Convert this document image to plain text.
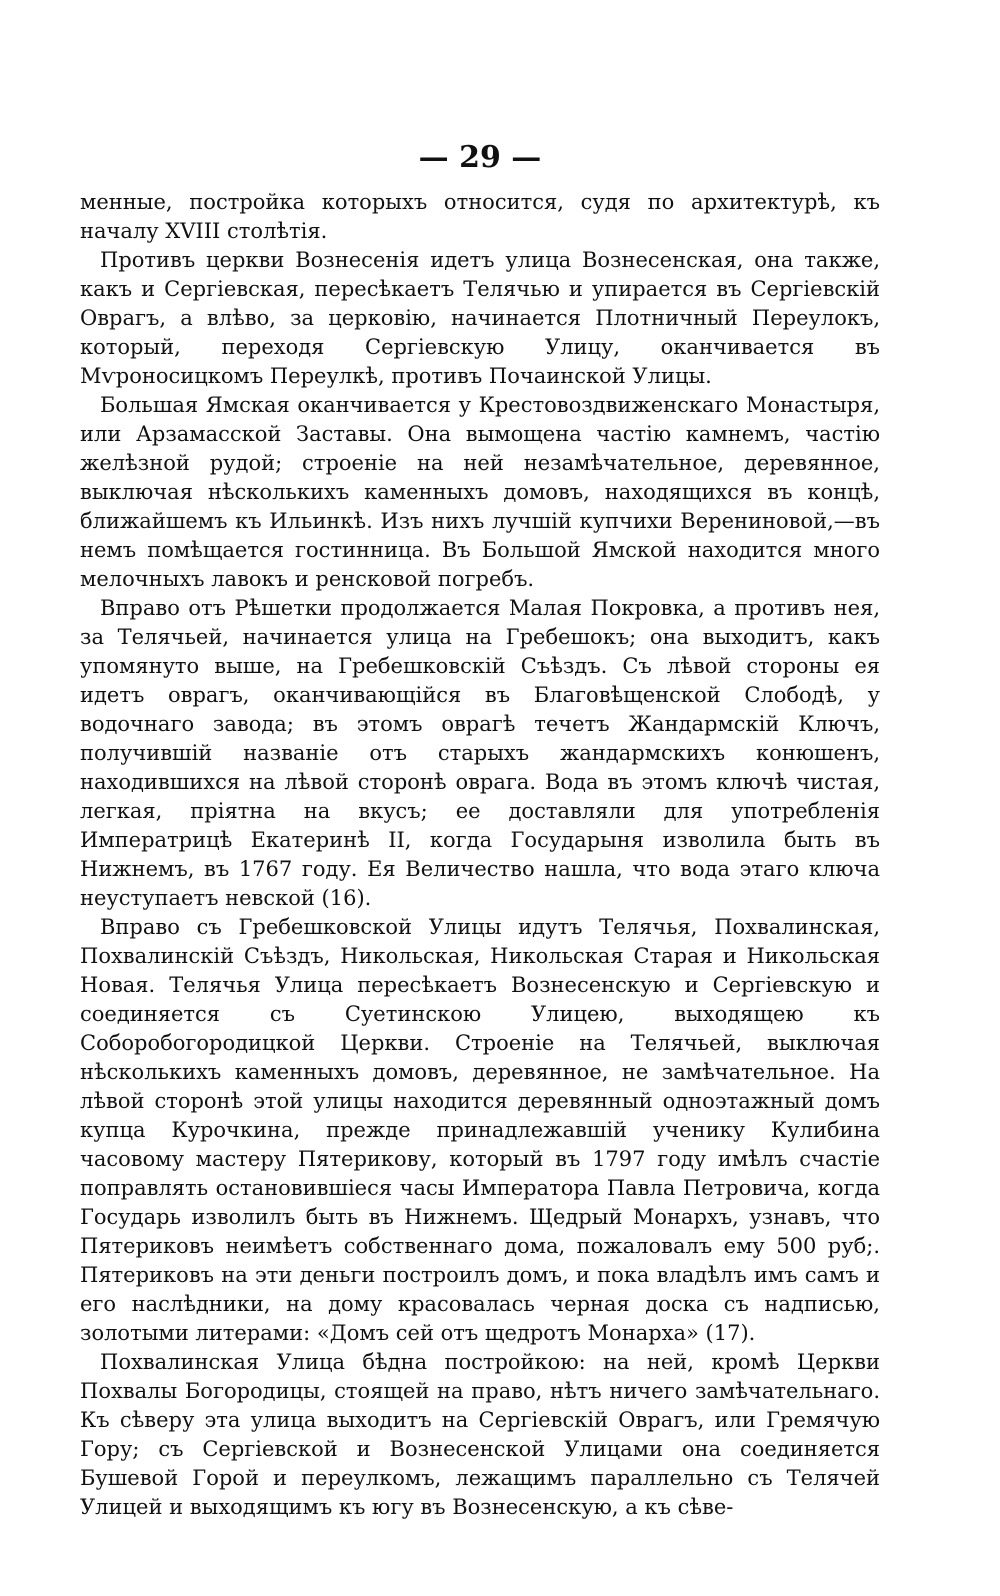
— 29 —

менные, постройка которыхъ относится, судя по архитектурѣ, къ началу XVIII столѣтія.

Противъ церкви Вознесенія идетъ улица Вознесенская, она также, какъ и Сергіевская, пересѣкаетъ Телячью и упирается въ Сергіевскій Оврагъ, а влѣво, за церковію, начинается Плотничный Переулокъ, который, переходя Сергіевскую Улицу, оканчивается въ Мѵроносицкомъ Переулкѣ, противъ Почаинской Улицы.

Большая Ямская оканчивается у Крестовоздвиженскаго Монастыря, или Арзамасской Заставы. Она вымощена частію камнемъ, частію желѣзной рудой; строеніе на ней незамѣчательное, деревянное, выключая нѣсколькихъ каменныхъ домовъ, находящихся въ концѣ, ближайшемъ къ Ильинкѣ. Изъ нихъ лучшій купчихи Верениновой,—въ немъ помѣщается гостинница. Въ Большой Ямской находится много мелочныхъ лавокъ и ренсковой погребъ.

Вправо отъ Рѣшетки продолжается Малая Покровка, а противъ нея, за Телячьей, начинается улица на Гребешокъ; она выходитъ, какъ упомянуто выше, на Гребешковскій Съѣздъ. Съ лѣвой стороны ея идетъ оврагъ, оканчивающійся въ Благовѣщенской Слободѣ, у водочнаго завода; въ этомъ оврагѣ течетъ Жандармскій Ключъ, получившій названіе отъ старыхъ жандармскихъ конюшенъ, находившихся на лѣвой сторонѣ оврага. Вода въ этомъ ключѣ чистая, легкая, пріятна на вкусъ; ее доставляли для употребленія Императрицѣ Екатеринѣ II, когда Государыня изволила быть въ Нижнемъ, въ 1767 году. Ея Величество нашла, что вода этаго ключа неуступаетъ невской (16).

Вправо съ Гребешковской Улицы идутъ Телячья, Похвалинская, Похвалинскій Съѣздъ, Никольская, Никольская Старая и Никольская Новая. Телячья Улица пересѣкаетъ Вознесенскую и Сергіевскую и соединяется съ Суетинскою Улицею, выходящею къ Соборобогородицкой Церкви. Строеніе на Телячьей, выключая нѣсколькихъ каменныхъ домовъ, деревянное, не замѣчательное. На лѣвой сторонѣ этой улицы находится деревянный одноэтажный домъ купца Курочкина, прежде принадлежавшій ученику Кулибина часовому мастеру Пятерикову, который въ 1797 году имѣлъ счастіе поправлять остановившіеся часы Императора Павла Петровича, когда Государь изволилъ быть въ Нижнемъ. Щедрый Монархъ, узнавъ, что Пятериковъ неимѣетъ собственнаго дома, пожаловалъ ему 500 руб;. Пятериковъ на эти деньги построилъ домъ, и пока владѣлъ имъ самъ и его наслѣдники, на дому красовалась черная доска съ надписью, золотыми литерами: «Домъ сей отъ щедротъ Монарха» (17).

Похвалинская Улица бѣдна постройкою: на ней, кромѣ Церкви Похвалы Богородицы, стоящей на право, нѣтъ ничего замѣчательнаго. Къ сѣверу эта улица выходитъ на Сергіевскій Оврагъ, или Гремячую Гору; съ Сергіевской и Вознесенской Улицами она соединяется Бушевой Горой и переулкомъ, лежащимъ параллельно съ Телячей Улицей и выходящимъ къ югу въ Вознесенскую, а къ сѣве-
